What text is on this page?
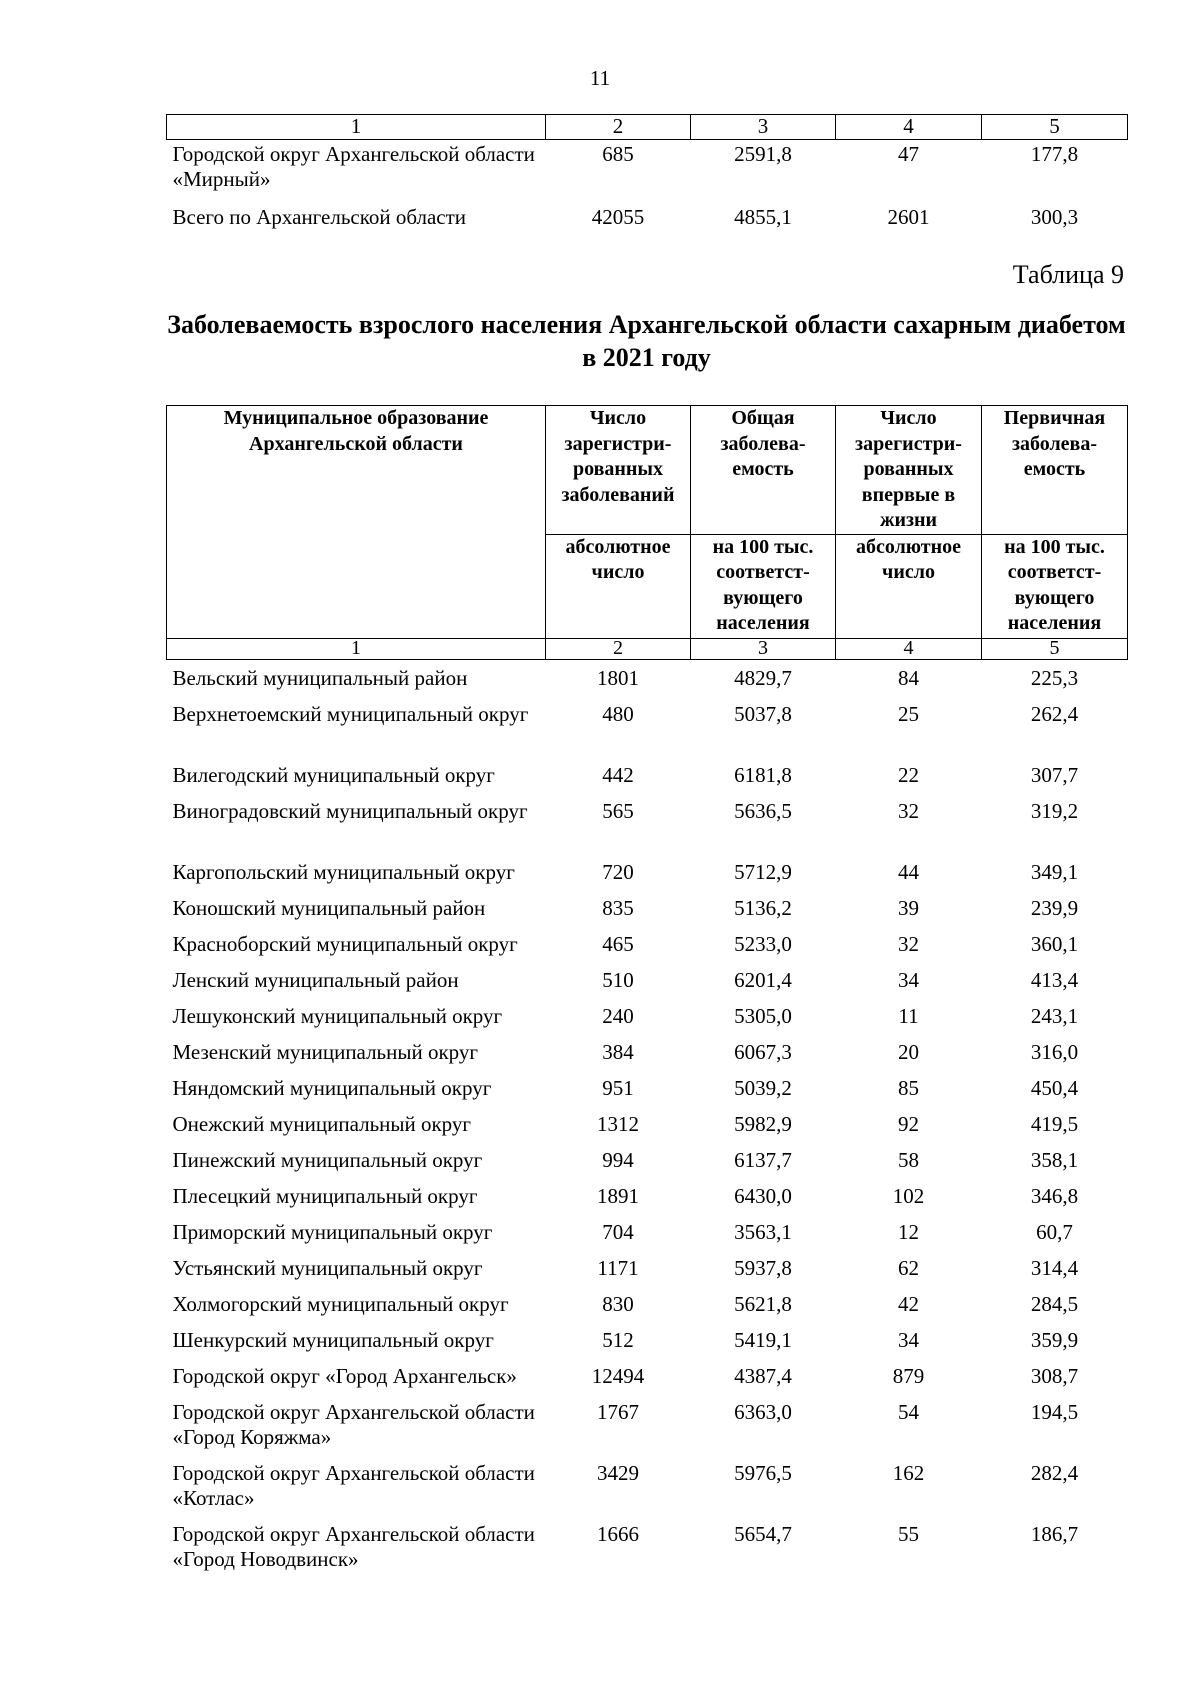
11
1	2	3	4	5
Городской округ Архангельской области «Мирный»	685	2591,8	47	177,8
Всего по Архангельской области	42055	4855,1	2601	300,3
Таблица 9
Заболеваемость взрослого населения Архангельской области сахарным диабетом в 2021 году
Муниципальное образование Архангельской области	Число зарегистри-рованных заболеваний	Общая заболева-емость	Число зарегистри-рованных впервые в жизни	Первичная заболева-емость
	абсолютное число	на 100 тыс. соответст-вующего населения	абсолютное число	на 100 тыс. соответст-вующего населения
1	2	3	4	5
Вельский муниципальный район	1801	4829,7	84	225,3
Верхнетоемский муниципальный округ	480	5037,8	25	262,4
Вилегодский муниципальный округ	442	6181,8	22	307,7
Виноградовский муниципальный округ	565	5636,5	32	319,2
Каргопольский муниципальный округ	720	5712,9	44	349,1
Коношский муниципальный район	835	5136,2	39	239,9
Красноборский муниципальный округ	465	5233,0	32	360,1
Ленский муниципальный район	510	6201,4	34	413,4
Лешуконский муниципальный округ	240	5305,0	11	243,1
Мезенский муниципальный округ	384	6067,3	20	316,0
Няндомский муниципальный округ	951	5039,2	85	450,4
Онежский муниципальный округ	1312	5982,9	92	419,5
Пинежский муниципальный округ	994	6137,7	58	358,1
Плесецкий муниципальный округ	1891	6430,0	102	346,8
Приморский муниципальный округ	704	3563,1	12	60,7
Устьянский муниципальный округ	1171	5937,8	62	314,4
Холмогорский муниципальный округ	830	5621,8	42	284,5
Шенкурский муниципальный округ	512	5419,1	34	359,9
Городской округ «Город Архангельск»	12494	4387,4	879	308,7
Городской округ Архангельской области «Город Коряжма»	1767	6363,0	54	194,5
Городской округ Архангельской области «Котлас»	3429	5976,5	162	282,4
Городской округ Архангельской области «Город Новодвинск»	1666	5654,7	55	186,7
